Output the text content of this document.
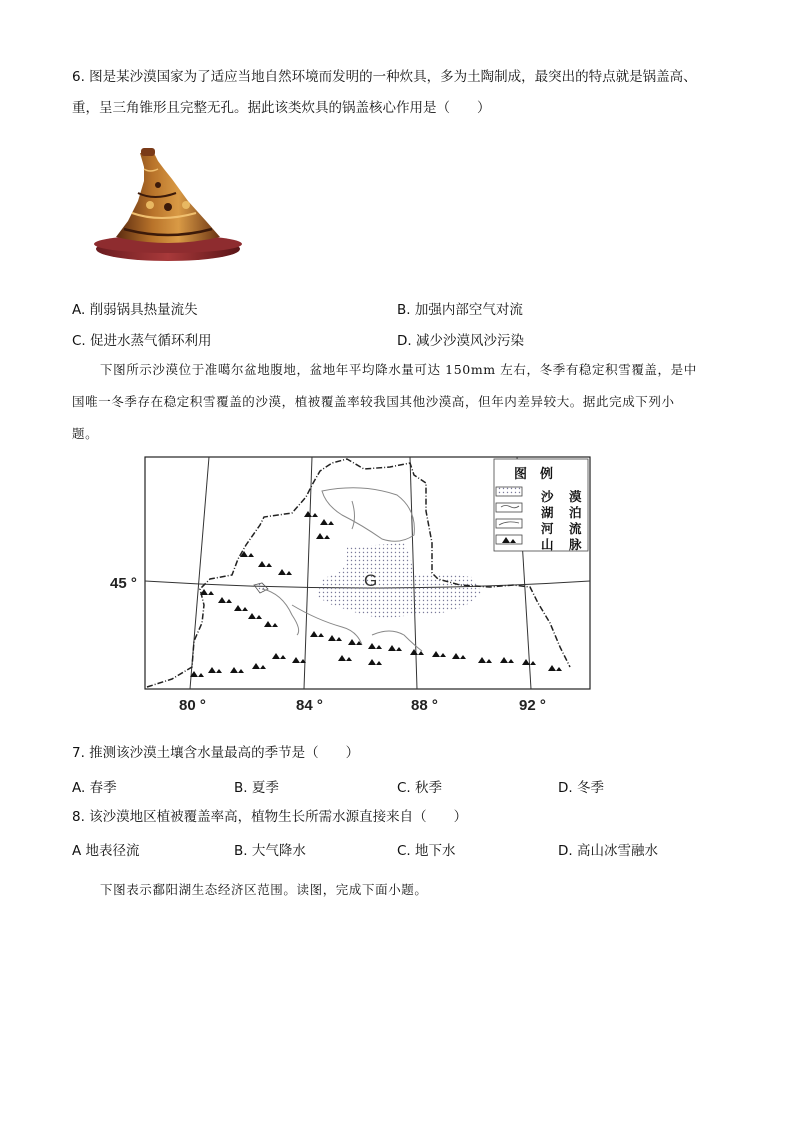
6. 图是某沙漠国家为了适应当地自然环境而发明的一种炊具，多为土陶制成，最突出的特点就是锅盖高、
重，呈三角锥形且完整无孔。据此该类炊具的锅盖核心作用是（　　）
A. 削弱锅具热量流失	B. 加强内部空气对流
C. 促进水蒸气循环利用	D. 减少沙漠风沙污染
下图所示沙漠位于准噶尔盆地腹地，盆地年平均降水量可达 150mm 左右，冬季有稳定积雪覆盖，是中
国唯一冬季存在稳定积雪覆盖的沙漠，植被覆盖率较我国其他沙漠高，但年内差异较大。据此完成下列小
题。
图　例
沙
湖
河
山
漠
泊
流
脉
G
45 °
80 °	84 °	88 °	92 °
7. 推测该沙漠土壤含水量最高的季节是（　　）
A. 春季	B. 夏季	C. 秋季	D. 冬季
8. 该沙漠地区植被覆盖率高，植物生长所需水源直接来自（　　）
A 地表径流	B. 大气降水	C. 地下水	D. 高山冰雪融水
下图表示鄱阳湖生态经济区范围。读图，完成下面小题。
